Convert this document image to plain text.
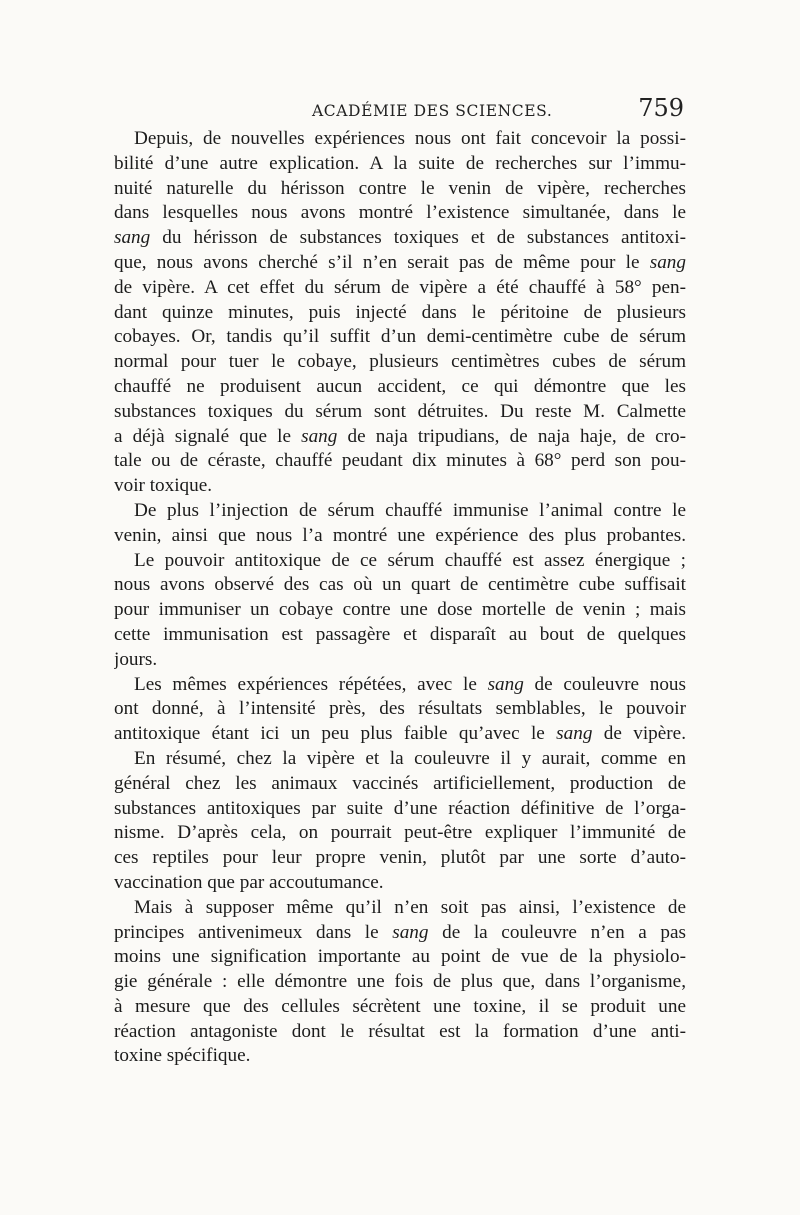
ACADÉMIE DES SCIENCES.	759

Depuis, de nouvelles expériences nous ont fait concevoir la possi-
bilité d’une autre explication. A la suite de recherches sur l’immu-
nuité naturelle du hérisson contre le venin de vipère, recherches
dans lesquelles nous avons montré l’existence simultanée, dans le
sang du hérisson de substances toxiques et de substances antitoxi-
que, nous avons cherché s’il n’en serait pas de même pour le sang
de vipère. A cet effet du sérum de vipère a été chauffé à 58° pen-
dant quinze minutes, puis injecté dans le péritoine de plusieurs
cobayes. Or, tandis qu’il suffit d’un demi-centimètre cube de sérum
normal pour tuer le cobaye, plusieurs centimètres cubes de sérum
chauffé ne produisent aucun accident, ce qui démontre que les
substances toxiques du sérum sont détruites. Du reste M. Calmette
a déjà signalé que le sang de naja tripudians, de naja haje, de cro-
tale ou de céraste, chauffé peudant dix minutes à 68° perd son pou-
voir toxique.

De plus l’injection de sérum chauffé immunise l’animal contre le
venin, ainsi que nous l’a montré une expérience des plus probantes.

Le pouvoir antitoxique de ce sérum chauffé est assez énergique ;
nous avons observé des cas où un quart de centimètre cube suffisait
pour immuniser un cobaye contre une dose mortelle de venin ; mais
cette immunisation est passagère et disparaît au bout de quelques
jours.

Les mêmes expériences répétées, avec le sang de couleuvre nous
ont donné, à l’intensité près, des résultats semblables, le pouvoir
antitoxique étant ici un peu plus faible qu’avec le sang de vipère.

En résumé, chez la vipère et la couleuvre il y aurait, comme en
général chez les animaux vaccinés artificiellement, production de
substances antitoxiques par suite d’une réaction définitive de l’orga-
nisme. D’après cela, on pourrait peut-être expliquer l’immunité de
ces reptiles pour leur propre venin, plutôt par une sorte d’auto-
vaccination que par accoutumance.

Mais à supposer même qu’il n’en soit pas ainsi, l’existence de
principes antivenimeux dans le sang de la couleuvre n’en a pas
moins une signification importante au point de vue de la physiolo-
gie générale : elle démontre une fois de plus que, dans l’organisme,
à mesure que des cellules sécrètent une toxine, il se produit une
réaction antagoniste dont le résultat est la formation d’une anti-
toxine spécifique.
